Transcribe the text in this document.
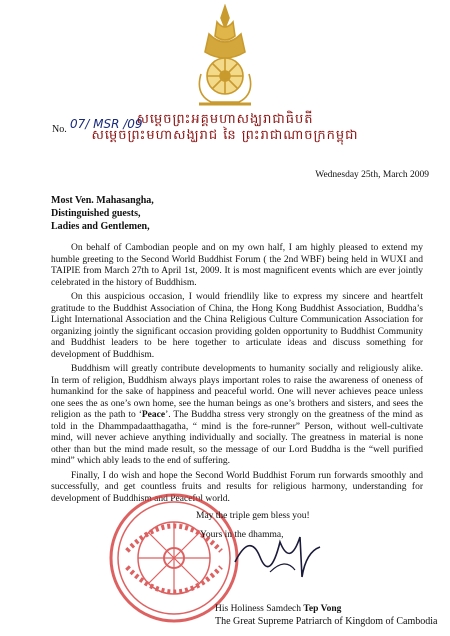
សម្ដេចព្រះអគ្គមហាសង្ឃរាជាធិបតី
សម្ដេចព្រះមហាសង្ឃរាជ នៃ ព្រះរាជាណាចក្រកម្ពុជា
No. 07/ MSR /09
Wednesday 25th, March 2009
Most Ven. Mahasangha,
Distinguished guests,
Ladies and Gentlemen,

On behalf of Cambodian people and on my own half, I am highly pleased to extend my humble greeting to the Second World Buddhist Forum ( the 2nd WBF) being held in WUXI and TAIPIE from March 27th to April 1st, 2009. It is most magnificent events which are ever jointly celebrated in the history of Buddhism.

On this auspicious occasion, I would friendlily like to express my sincere and heartfelt gratitude to the Buddhist Association of China, the Hong Kong Buddhist Association, Buddha’s Light International Association and the China Religious Culture Communication Association for organizing jointly the significant occasion providing golden opportunity to Buddhist Community and Buddhist leaders to be here together to articulate ideas and discuss something for development of Buddhism.

Buddhism will greatly contribute developments to humanity socially and religiously alike. In term of religion, Buddhism always plays important roles to raise the awareness of oneness of humankind for the sake of happiness and peaceful world. One will never achieves peace unless one sees the as one’s own home, see the human beings as one’s brothers and sisters, and sees the religion as the path to ‘Peace’. The Buddha stress very strongly on the greatness of the mind as told in the Dhammpadaatthagatha, “ mind is the fore-runner” Person, without well-cultivate mind, will never achieve anything individually and socially. The greatness in material is none other than but the mind made result, so the message of our Lord Buddha is the “well purified mind” which ably leads to the end of suffering.

Finally, I do wish and hope the Second World Buddhist Forum run forwards smoothly and successfully, and get countless fruits and results for religious harmony, understanding for development of Buddhism and Peaceful world.

May the triple gem bless you!
Yours in the dhamma,
His Holiness Samdech Tep Vong
The Great Supreme Patriarch of Kingdom of Cambodia
